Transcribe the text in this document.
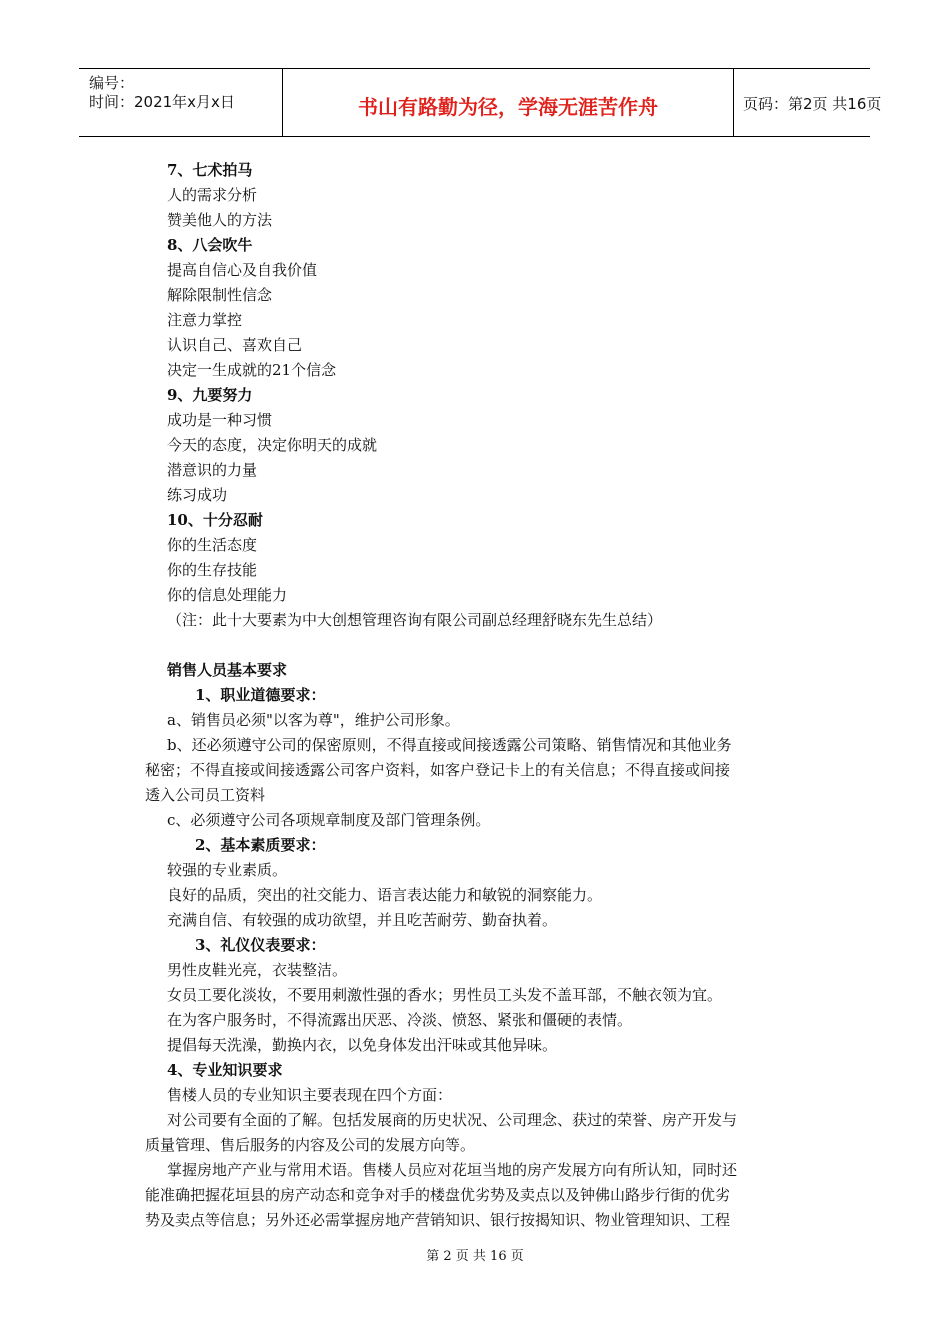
编号：
时间：2021年x月x日	书山有路勤为径，学海无涯苦作舟	页码：第2页 共16页
7、七术拍马
人的需求分析
赞美他人的方法
8、八会吹牛
提高自信心及自我价值
解除限制性信念
注意力掌控
认识自己、喜欢自己
决定一生成就的21个信念
9、九要努力
成功是一种习惯
今天的态度，决定你明天的成就
潜意识的力量
练习成功
10、十分忍耐
你的生活态度
你的生存技能
你的信息处理能力
（注：此十大要素为中大创想管理咨询有限公司副总经理舒晓东先生总结）
销售人员基本要求
1、职业道德要求：
a、销售员必须"以客为尊"，维护公司形象。
b、还必须遵守公司的保密原则，不得直接或间接透露公司策略、销售情况和其他业务
秘密；不得直接或间接透露公司客户资料，如客户登记卡上的有关信息；不得直接或间接
透入公司员工资料
c、必须遵守公司各项规章制度及部门管理条例。
2、基本素质要求：
较强的专业素质。
良好的品质，突出的社交能力、语言表达能力和敏锐的洞察能力。
充满自信、有较强的成功欲望，并且吃苦耐劳、勤奋执着。
3、礼仪仪表要求：
男性皮鞋光亮，衣装整洁。
女员工要化淡妆，不要用刺激性强的香水；男性员工头发不盖耳部，不触衣领为宜。
在为客户服务时，不得流露出厌恶、冷淡、愤怒、紧张和僵硬的表情。
提倡每天洗澡，勤换内衣，以免身体发出汗味或其他异味。
4、专业知识要求
售楼人员的专业知识主要表现在四个方面：
对公司要有全面的了解。包括发展商的历史状况、公司理念、获过的荣誉、房产开发与
质量管理、售后服务的内容及公司的发展方向等。
掌握房地产产业与常用术语。售楼人员应对花垣当地的房产发展方向有所认知，同时还
能准确把握花垣县的房产动态和竞争对手的楼盘优劣势及卖点以及钟佛山路步行街的优劣
势及卖点等信息；另外还必需掌握房地产营销知识、银行按揭知识、物业管理知识、工程
第 2 页 共 16 页
